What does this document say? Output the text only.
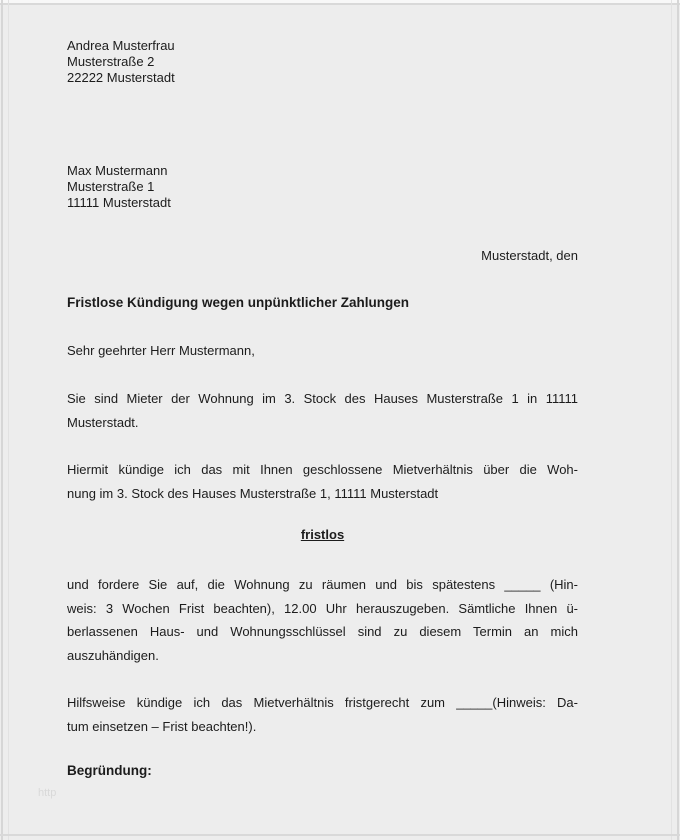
Andrea Musterfrau
Musterstraße 2
22222 Musterstadt
Max Mustermann
Musterstraße 1
11111 Musterstadt
Musterstadt, den
Fristlose Kündigung wegen unpünktlicher Zahlungen
Sehr geehrter Herr Mustermann,
Sie sind Mieter der Wohnung im 3. Stock des Hauses Musterstraße 1 in 11111
Musterstadt.
Hiermit kündige ich das mit Ihnen geschlossene Mietverhältnis über die Woh-
nung im 3. Stock des Hauses Musterstraße 1, 11111 Musterstadt
fristlos
und fordere Sie auf, die Wohnung zu räumen und bis spätestens _____ (Hin-
weis: 3 Wochen Frist beachten), 12.00 Uhr herauszugeben. Sämtliche Ihnen ü-
berlassenen Haus- und Wohnungsschlüssel sind zu diesem Termin an mich
auszuhändigen.
Hilfsweise kündige ich das Mietverhältnis fristgerecht zum _____(Hinweis: Da-
tum einsetzen – Frist beachten!).
Begründung:
http
